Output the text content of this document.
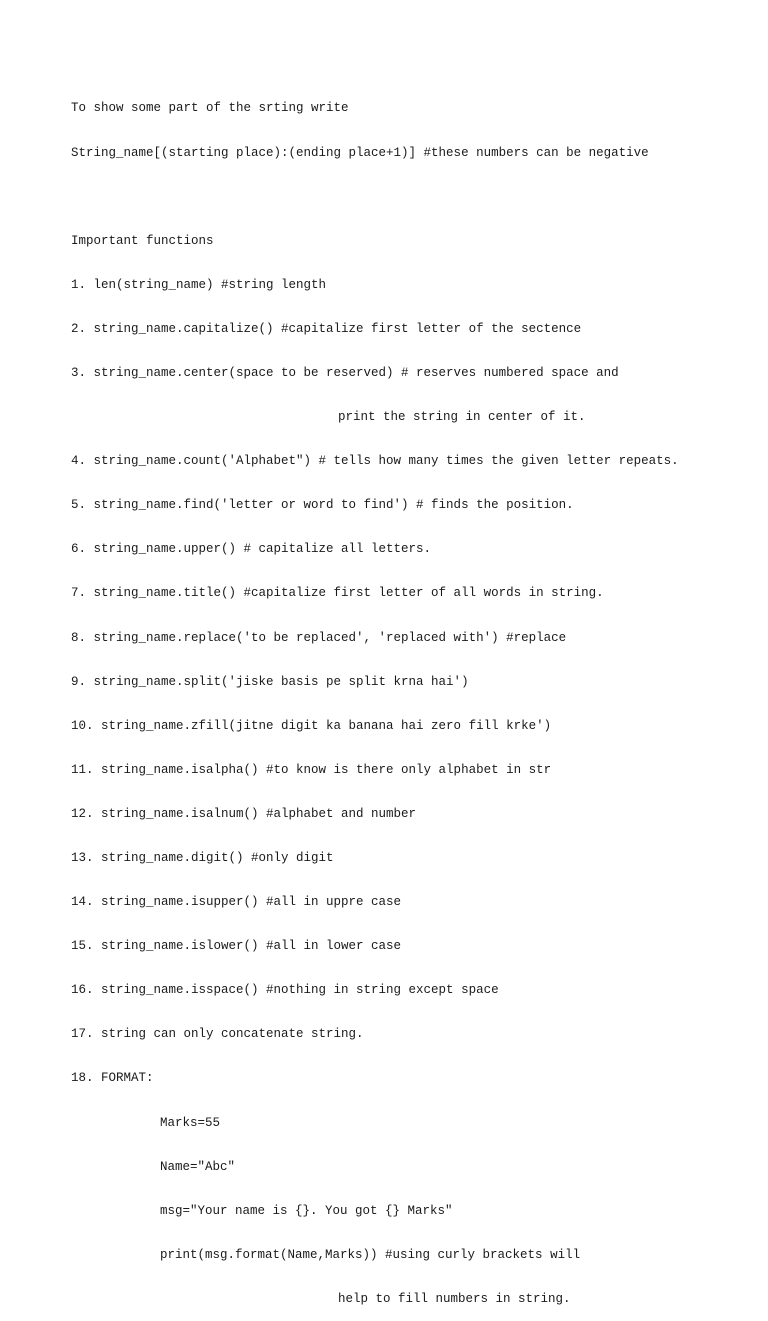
To show some part of the srting write

String_name[(starting place):(ending place+1)] #these numbers can be negative

Important functions

1. len(string_name) #string length

2. string_name.capitalize() #capitalize first letter of the sectence

3. string_name.center(space to be reserved) # reserves numbered space and

print the string in center of it.

4. string_name.count('Alphabet") # tells how many times the given letter repeats.

5. string_name.find('letter or word to find') # finds the position.

6. string_name.upper() # capitalize all letters.

7. string_name.title() #capitalize first letter of all words in string.

8. string_name.replace('to be replaced', 'replaced with') #replace

9. string_name.split('jiske basis pe split krna hai')

10. string_name.zfill(jitne digit ka banana hai zero fill krke')

11. string_name.isalpha() #to know is there only alphabet in str

12. string_name.isalnum() #alphabet and number

13. string_name.digit() #only digit

14. string_name.isupper() #all in uppre case

15. string_name.islower() #all in lower case

16. string_name.isspace() #nothing in string except space

17. string can only concatenate string.

18. FORMAT:

Marks=55

Name="Abc"

msg="Your name is {}. You got {} Marks"

print(msg.format(Name,Marks)) #using curly brackets will

help to fill numbers in string.
